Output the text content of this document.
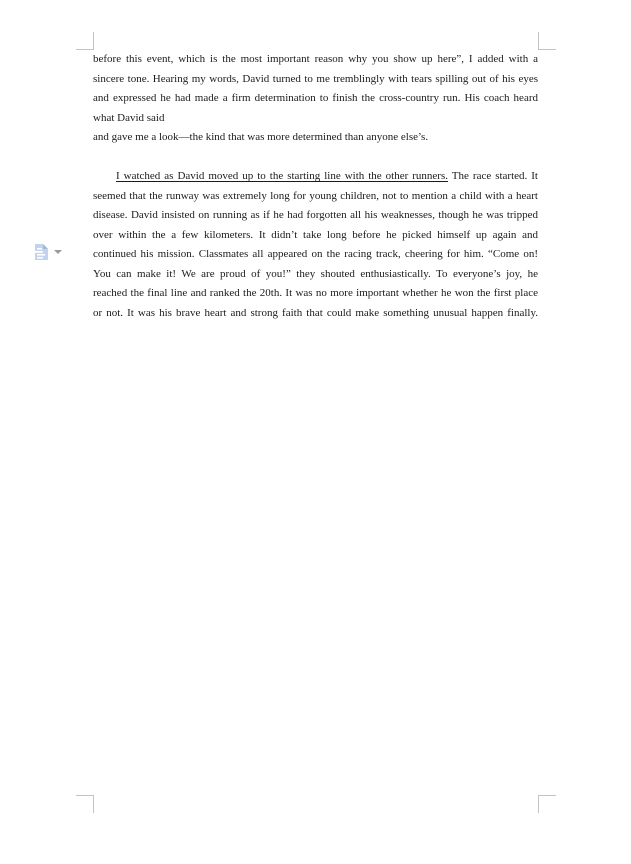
before this event, which is the most important reason why you show up here”, I added with a
sincere tone. Hearing my words, David turned to me tremblingly with tears spilling out of his eyes
and expressed he had made a firm determination to finish the cross-country run. His coach heard
what David said
and gave me a look—the kind that was more determined than anyone else’s.
I watched as David moved up to the starting line with the other runners. The race started. It
seemed that the runway was extremely long for young children, not to mention a child with a heart
disease. David insisted on running as if he had forgotten all his weaknesses, though he was tripped
over within the a few kilometers. It didn’t take long before he picked himself up again and
continued his mission. Classmates all appeared on the racing track, cheering for him. “Come on!
You can make it! We are proud of you!” they shouted enthusiastically. To everyone’s joy, he
reached the final line and ranked the 20th. It was no more important whether he won the first place
or not. It was his brave heart and strong faith that could make something unusual happen finally.
